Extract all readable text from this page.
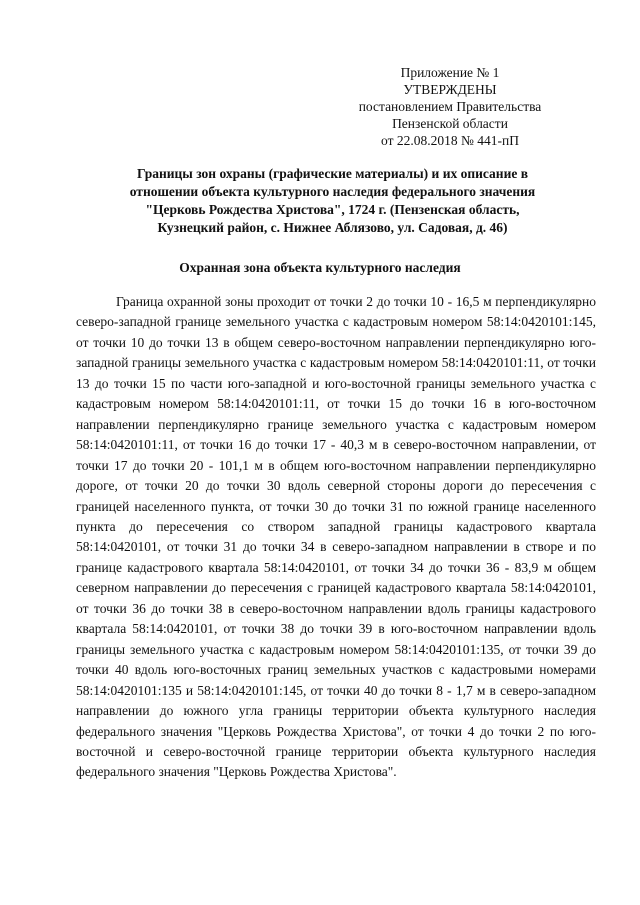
Приложение № 1
УТВЕРЖДЕНЫ
постановлением Правительства
Пензенской области
от 22.08.2018 № 441-пП
Границы зон охраны (графические материалы) и их описание в
отношении объекта культурного наследия федерального значения
"Церковь Рождества Христова", 1724 г. (Пензенская область,
Кузнецкий район, с. Нижнее Аблязово, ул. Садовая, д. 46)
Охранная зона объекта культурного наследия

Граница охранной зоны проходит от точки 2 до точки 10 - 16,5 м перпендикулярно северо-западной границе земельного участка с кадастровым номером 58:14:0420101:145, от точки 10 до точки 13 в общем северо-восточном направлении перпендикулярно юго-западной границы земельного участка с кадастровым номером 58:14:0420101:11, от точки 13 до точки 15 по части юго-западной и юго-восточной границы земельного участка с кадастровым номером 58:14:0420101:11, от точки 15 до точки 16 в юго-восточном направлении перпендикулярно границе земельного участка с кадастровым номером 58:14:0420101:11, от точки 16 до точки 17 - 40,3 м в северо-восточном направлении, от точки 17 до точки 20 - 101,1 м в общем юго-восточном направлении перпендикулярно дороге, от точки 20 до точки 30 вдоль северной стороны дороги до пересечения с границей населенного пункта, от точки 30 до точки 31 по южной границе населенного пункта до пересечения со створом западной границы кадастрового квартала 58:14:0420101, от точки 31 до точки 34 в северо-западном направлении в створе и по границе кадастрового квартала 58:14:0420101, от точки 34 до точки 36 - 83,9 м общем северном направлении до пересечения с границей кадастрового квартала 58:14:0420101, от точки 36 до точки 38 в северо-восточном направлении вдоль границы кадастрового квартала 58:14:0420101, от точки 38 до точки 39 в юго-восточном направлении вдоль границы земельного участка с кадастровым номером 58:14:0420101:135, от точки 39 до точки 40 вдоль юго-восточных границ земельных участков с кадастровыми номерами 58:14:0420101:135 и 58:14:0420101:145, от точки 40 до точки 8 - 1,7 м в северо-западном направлении до южного угла границы территории объекта культурного наследия федерального значения "Церковь Рождества Христова", от точки 4 до точки 2 по юго-восточной и северо-восточной границе территории объекта культурного наследия федерального значения "Церковь Рождества Христова".
